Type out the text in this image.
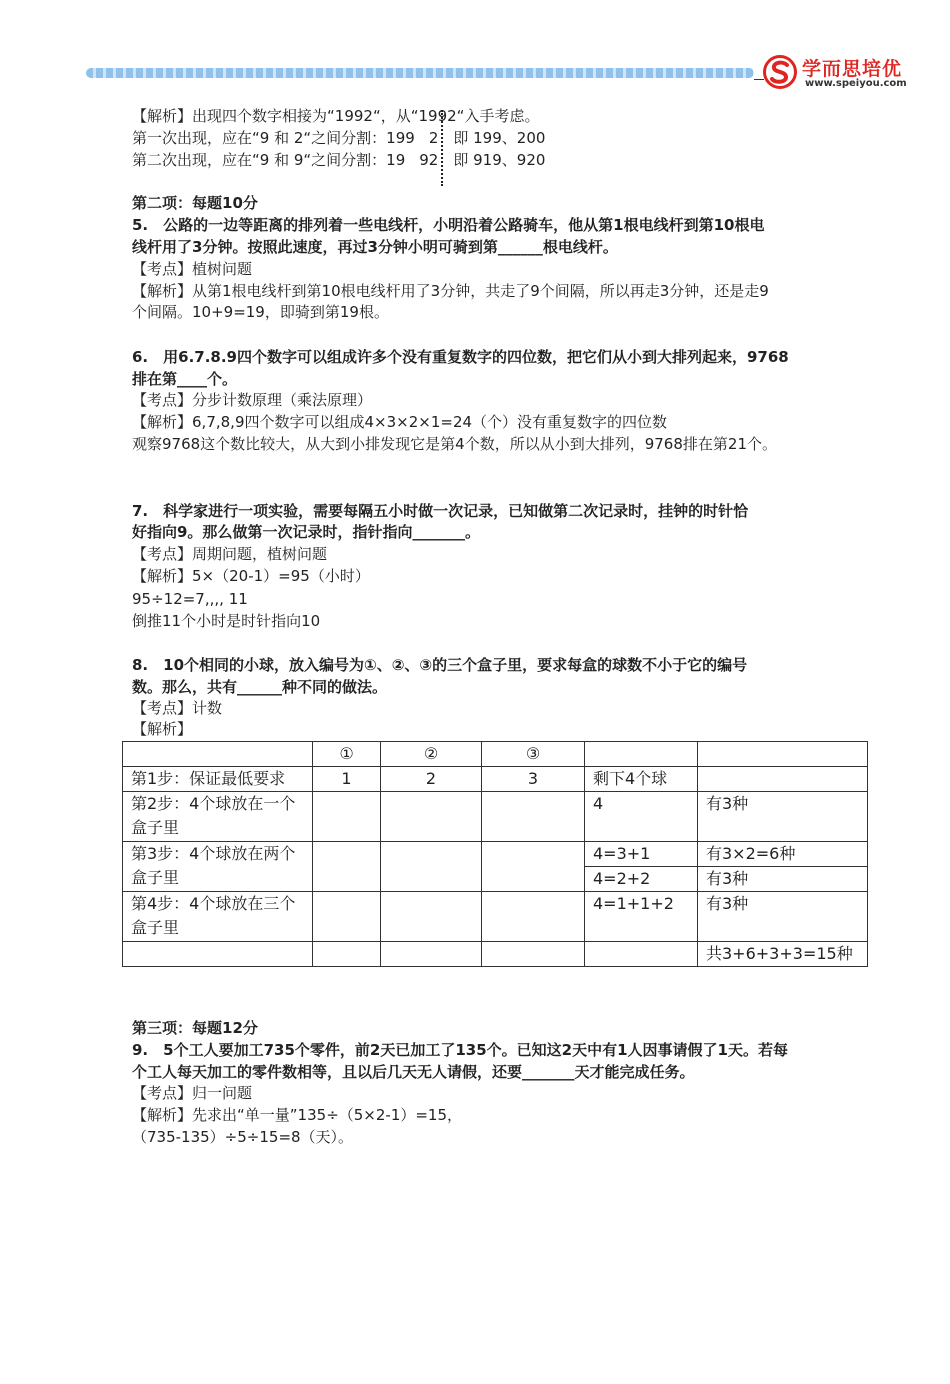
学而思培优
www.speiyou.com
【解析】出现四个数字相接为“1992“，从“1992“入手考虑。
第一次出现，应在“9 和 2“之间分割：199 2　 即 199、200
第二次出现，应在“9 和 9“之间分割：19 92　 即 919、920
第二项：每题10分
5.　公路的一边等距离的排列着一些电线杆，小明沿着公路骑车，他从第1根电线杆到第10根电
线杆用了3分钟。按照此速度，再过3分钟小明可骑到第______根电线杆。
【考点】植树问题
【解析】从第1根电线杆到第10根电线杆用了3分钟，共走了9个间隔，所以再走3分钟，还是走9
个间隔。10+9=19，即骑到第19根。
6.　用6.7.8.9四个数字可以组成许多个没有重复数字的四位数，把它们从小到大排列起来，9768
排在第____个。
【考点】分步计数原理（乘法原理）
【解析】6,7,8,9四个数字可以组成4×3×2×1=24（个）没有重复数字的四位数
观察9768这个数比较大，从大到小排发现它是第4个数，所以从小到大排列，9768排在第21个。
7.　科学家进行一项实验，需要每隔五小时做一次记录，已知做第二次记录时，挂钟的时针恰
好指向9。那么做第一次记录时，指针指向_______。
【考点】周期问题，植树问题
【解析】5×（20-1）=95（小时）
95÷12=7,,,, 11
倒推11个小时是时针指向10
8.　10个相同的小球，放入编号为①、②、③的三个盒子里，要求每盒的球数不小于它的编号
数。那么，共有______种不同的做法。
【考点】计数
【解析】
	①	②	③		
第1步：保证最低要求	1	2	3	剩下4个球	
第2步：4个球放在一个盒子里				4	有3种
第3步：4个球放在两个盒子里				4=3+1	有3×2=6种
				4=2+2	有3种
第4步：4个球放在三个盒子里				4=1+1+2	有3种
					共3+6+3+3=15种
第三项：每题12分
9.　5个工人要加工735个零件，前2天已加工了135个。已知这2天中有1人因事请假了1天。若每
个工人每天加工的零件数相等，且以后几天无人请假，还要_______天才能完成任务。
【考点】归一问题
【解析】先求出“单一量”135÷（5×2-1）=15，
（735-135）÷5÷15=8（天）。
